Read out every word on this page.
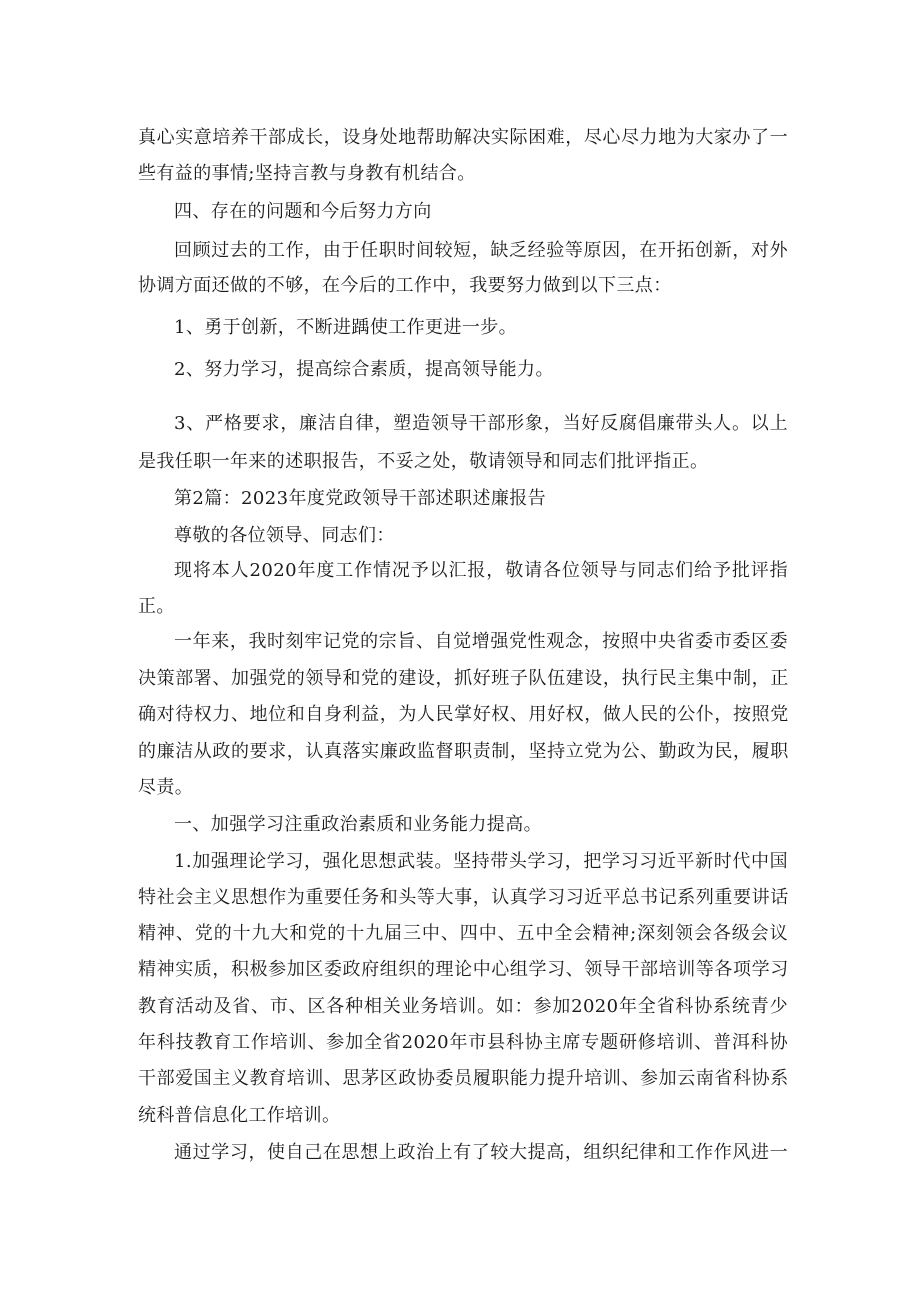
真心实意培养干部成长，设身处地帮助解决实际困难，尽心尽力地为大家办了一
些有益的事情;坚持言教与身教有机结合。
四、存在的问题和今后努力方向
回顾过去的工作，由于任职时间较短，缺乏经验等原因，在开拓创新，对外
协调方面还做的不够，在今后的工作中，我要努力做到以下三点：
1、勇于创新，不断进踽使工作更进一步。
2、努力学习，提高综合素质，提高领导能力。
3、严格要求，廉洁自律，塑造领导干部形象，当好反腐倡廉带头人。以上
是我任职一年来的述职报告，不妥之处，敬请领导和同志们批评指正。
第2篇：2023年度党政领导干部述职述廉报告
尊敬的各位领导、同志们：
现将本人2020年度工作情况予以汇报，敬请各位领导与同志们给予批评指
正。
一年来，我时刻牢记党的宗旨、自觉增强党性观念，按照中央省委市委区委
决策部署、加强党的领导和党的建设，抓好班子队伍建设，执行民主集中制，正
确对待权力、地位和自身利益，为人民掌好权、用好权，做人民的公仆，按照党
的廉洁从政的要求，认真落实廉政监督职责制，坚持立党为公、勤政为民，履职
尽责。
一、加强学习注重政治素质和业务能力提高。
1.加强理论学习，强化思想武装。坚持带头学习，把学习习近平新时代中国
特社会主义思想作为重要任务和头等大事，认真学习习近平总书记系列重要讲话
精神、党的十九大和党的十九届三中、四中、五中全会精神;深刻领会各级会议
精神实质，积极参加区委政府组织的理论中心组学习、领导干部培训等各项学习
教育活动及省、市、区各种相关业务培训。如：参加2020年全省科协系统青少
年科技教育工作培训、参加全省2020年市县科协主席专题研修培训、普洱科协
干部爱国主义教育培训、思茅区政协委员履职能力提升培训、参加云南省科协系
统科普信息化工作培训。
通过学习，使自己在思想上政治上有了较大提高，组织纪律和工作作风进一
